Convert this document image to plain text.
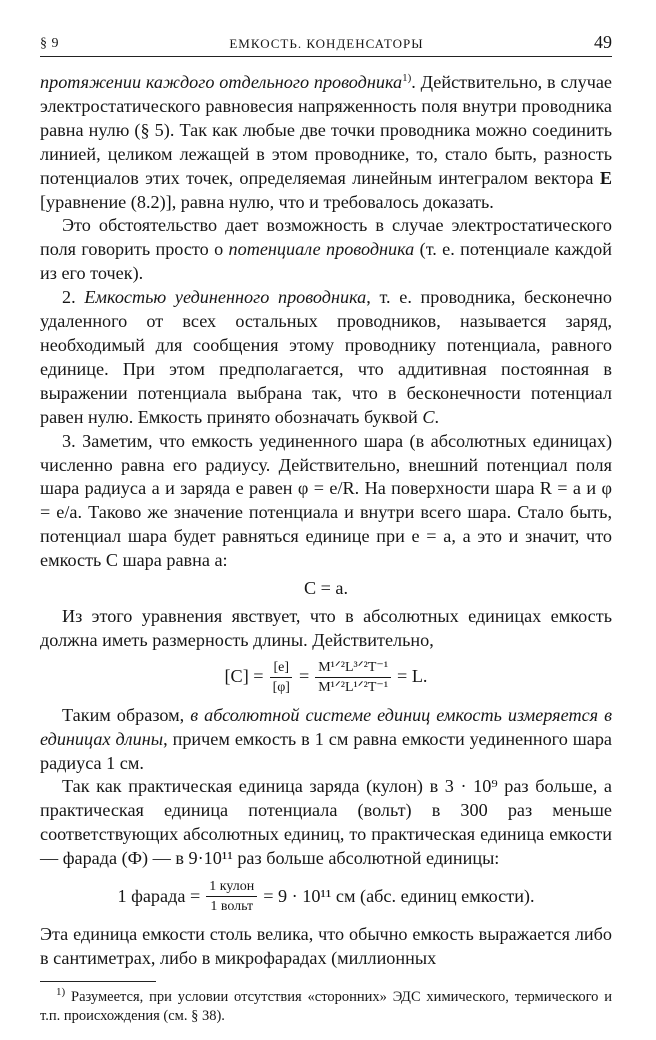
§ 9	ЕМКОСТЬ. КОНДЕНСАТОРЫ	49

протяжении каждого отдельного проводника$^{1)}$. Действительно, в случае электростатического равновесия напряженность поля внутри проводника равна нулю (§ 5). Так как любые две точки проводника можно соединить линией, целиком лежащей в этом проводнике, то, стало быть, разность потенциалов этих точек, определяемая линейным интегралом вектора E [уравнение (8.2)], равна нулю, что и требовалось доказать.

Это обстоятельство дает возможность в случае электростатического поля говорить просто о потенциале проводника (т. е. потенциале каждой из его точек).

2. Емкостью уединенного проводника, т. е. проводника, бесконечно удаленного от всех остальных проводников, называется заряд, необходимый для сообщения этому проводнику потенциала, равного единице. При этом предполагается, что аддитивная постоянная в выражении потенциала выбрана так, что в бесконечности потенциал равен нулю. Емкость принято обозначать буквой C.

3. Заметим, что емкость уединенного шара (в абсолютных единицах) численно равна его радиусу. Действительно, внешний потенциал поля шара радиуса a и заряда e равен φ = e/R. На поверхности шара R = a и φ = e/a. Таково же значение потенциала и внутри всего шара. Стало быть, потенциал шара будет равняться единице при e = a, а это и значит, что емкость C шара равна a:

C = a.

Из этого уравнения явствует, что в абсолютных единицах емкость должна иметь размерность длины. Действительно,

$[C] = \frac{[e]}{[\varphi]} = \frac{\text{M¹ᐟ²L³ᐟ²T⁻¹}}{\text{M¹ᐟ²L¹ᐟ²T⁻¹}} = L$.

Таким образом, в абсолютной системе единиц емкость измеряется в единицах длины, причем емкость в 1 см равна емкости уединенного шара радиуса 1 см.

Так как практическая единица заряда (кулон) в 3 · 10⁹ раз больше, а практическая единица потенциала (вольт) в 300 раз меньше соответствующих абсолютных единиц, то практическая единица емкости — фарада (Ф) — в 9·10¹¹ раз больше абсолютной единицы:

1 фарада = $\frac{\text{1 кулон}}{\text{1 вольт}} = 9 \cdot 10^{11}$ см (абс. единиц емкости).

Эта единица емкости столь велика, что обычно емкость выражается либо в сантиметрах, либо в микрофарадах (миллионных

$^{1)}$ Разумеется, при условии отсутствия «сторонних» ЭДС химического, термического и т.п. происхождения (см. § 38).
